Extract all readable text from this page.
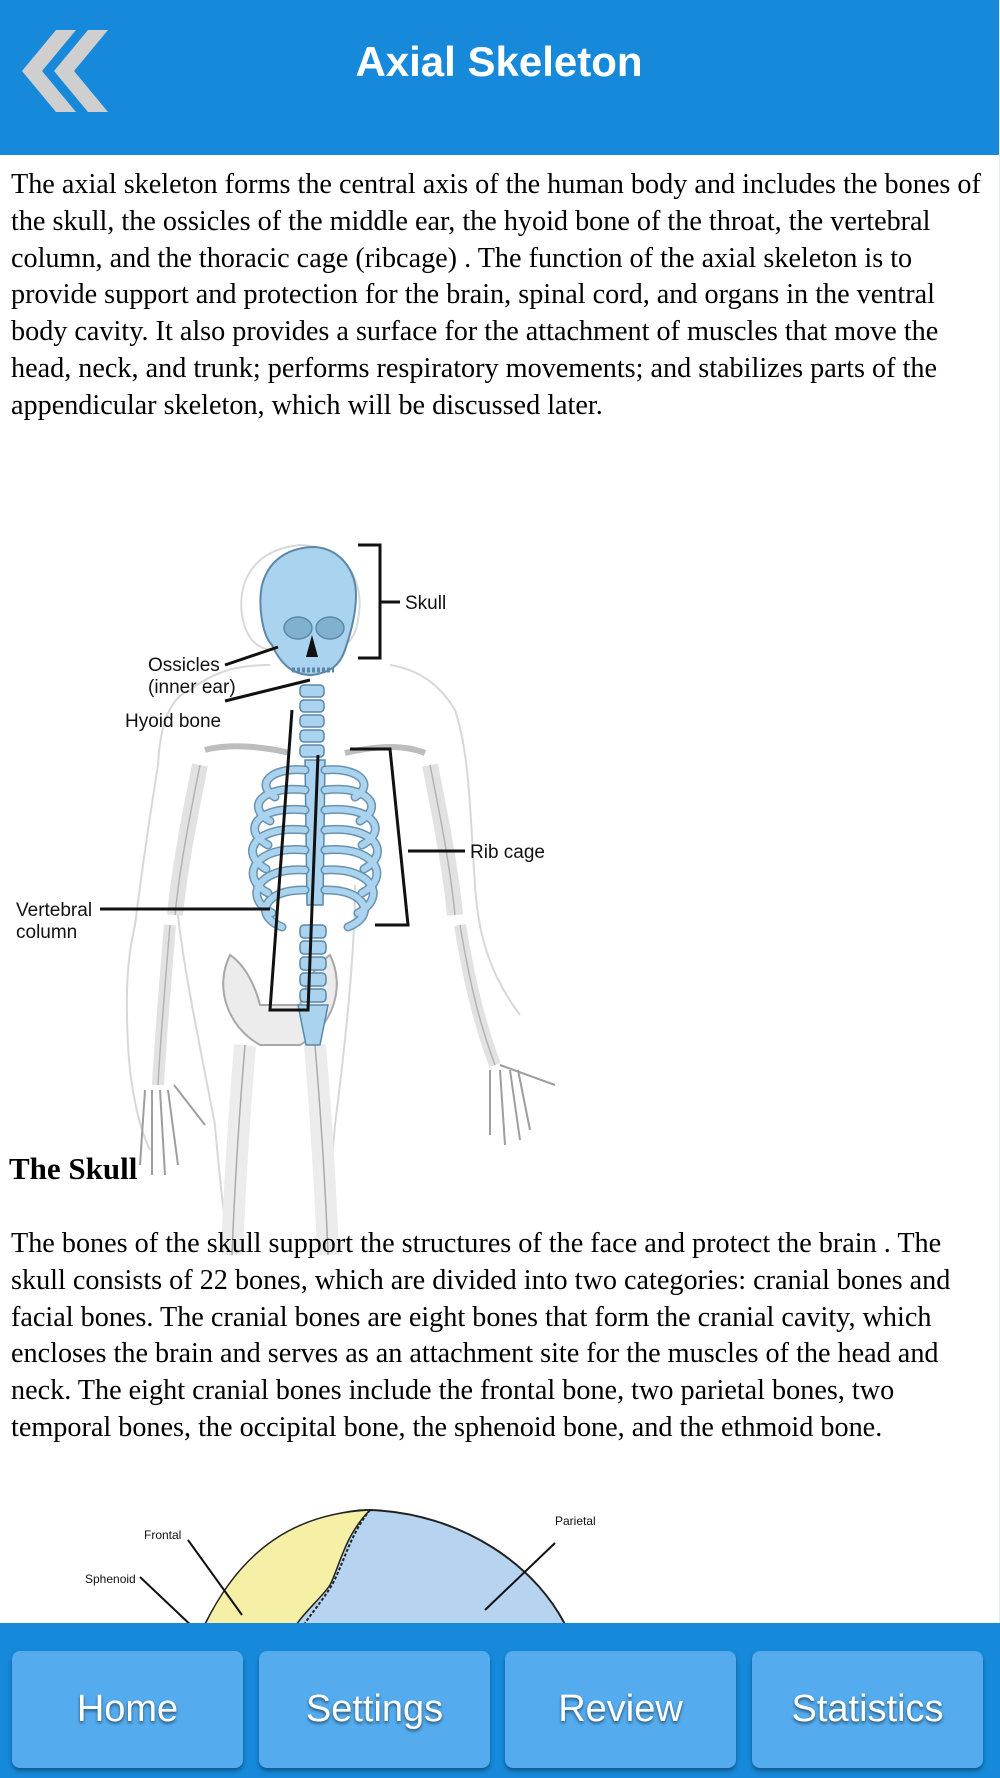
Axial Skeleton

The axial skeleton forms the central axis of the human body and includes the bones of the skull, the ossicles of the middle ear, the hyoid bone of the throat, the vertebral column, and the thoracic cage (ribcage) . The function of the axial skeleton is to provide support and protection for the brain, spinal cord, and organs in the ventral body cavity. It also provides a surface for the attachment of muscles that move the head, neck, and trunk; performs respiratory movements; and stabilizes parts of the appendicular skeleton, which will be discussed later.

Skull
Ossicles
(inner ear)
Hyoid bone
Rib cage
Vertebral
column
The Skull

The bones of the skull support the structures of the face and protect the brain . The skull consists of 22 bones, which are divided into two categories: cranial bones and facial bones. The cranial bones are eight bones that form the cranial cavity, which encloses the brain and serves as an attachment site for the muscles of the head and neck. The eight cranial bones include the frontal bone, two parietal bones, two temporal bones, the occipital bone, the sphenoid bone, and the ethmoid bone.

Frontal
Sphenoid
Parietal
Home	Settings	Review	Statistics
